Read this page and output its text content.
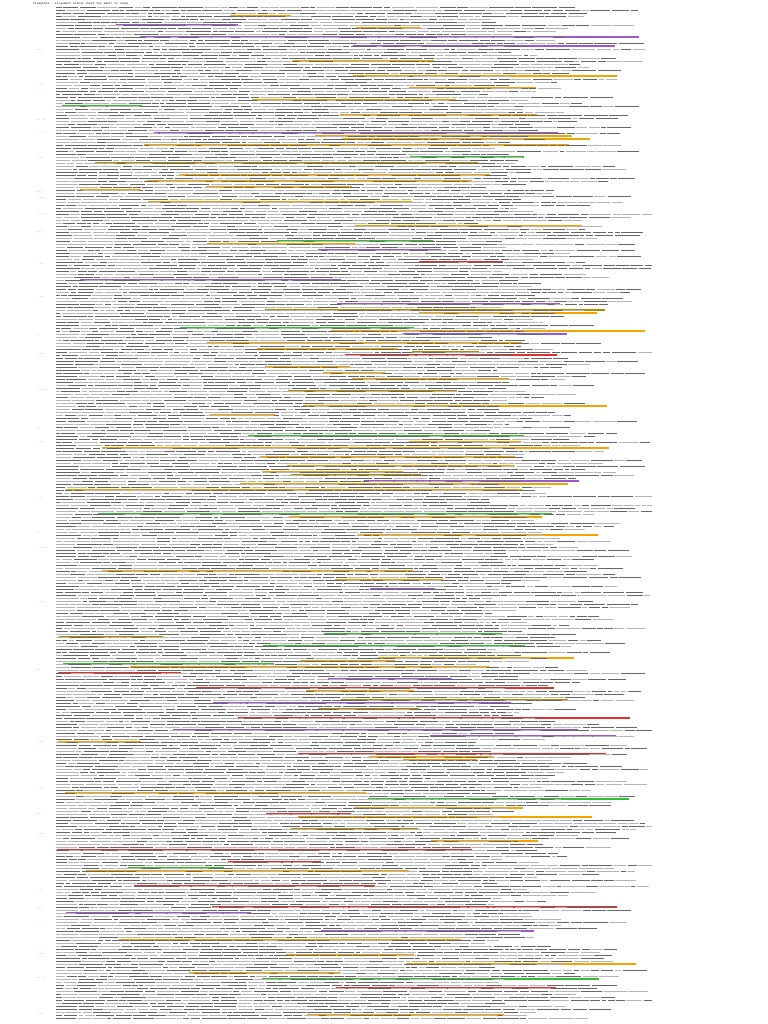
Illegible · alignment output (text too small to read)
····
···
··
··· ··
··· ·
···
····
····
··· ·
····
···
····
··
····
··· ··
···
····
···
··
··· ··
··· ·
···
····
····
··· ·
····
···
····
··
····
··· ··
···
